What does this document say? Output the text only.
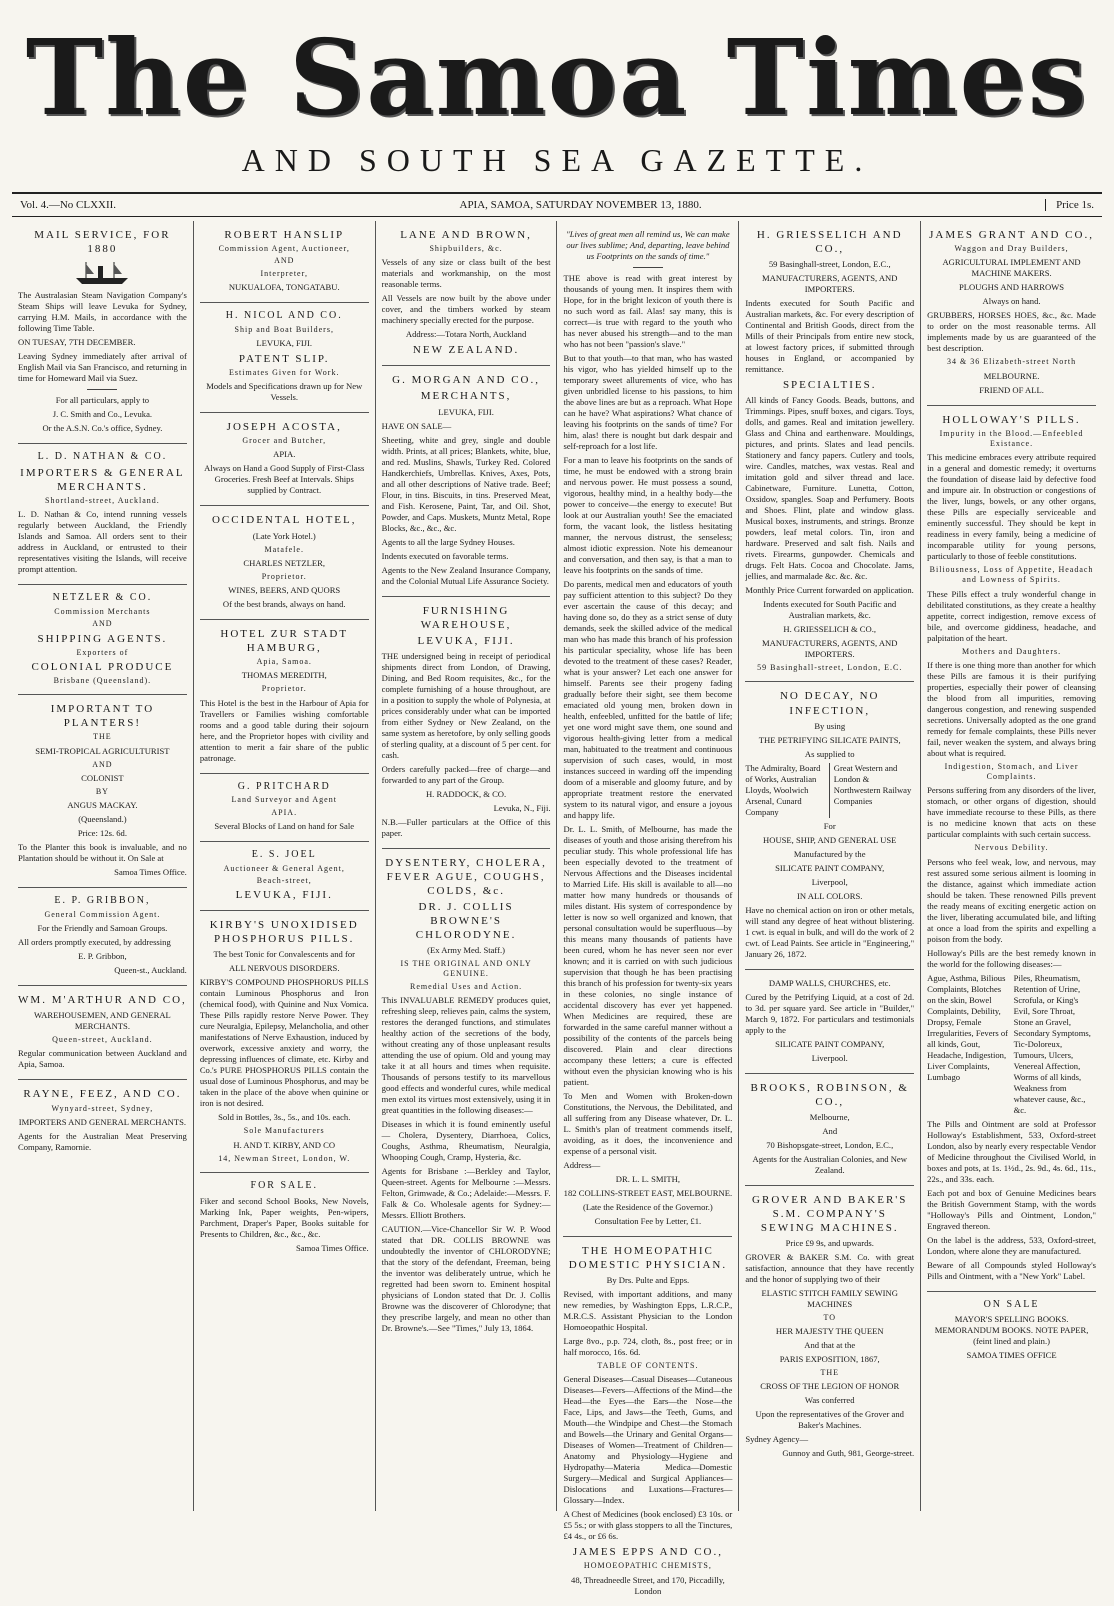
The Samoa Times
AND SOUTH SEA GAZETTE.
Vol. 4.—No CLXXII.	APIA, SAMOA, SATURDAY NOVEMBER 13, 1880.	Price 1s.
MAIL SERVICE, FOR 1880
The Australasian Steam Navigation Company's Steam Ships will leave Levuka for Sydney, carrying H.M. Mails, in accordance with the following Time Table.
ON TUESAY, 7TH DECEMBER.
Leaving Sydney immediately after arrival of English Mail via San Francisco, and returning in time for Homeward Mail via Suez.
For all particulars, apply to
J. C. Smith and Co., Levuka.
Or the A.S.N. Co.'s office, Sydney.
L. D. NATHAN & CO.
IMPORTERS & GENERAL MERCHANTS.
Shortland-street, Auckland.
L. D. Nathan & Co, intend running vessels regularly between Auckland, the Friendly Islands and Samoa. All orders sent to their address in Auckland, or entrusted to their representatives visiting the Islands, will receive prompt attention.
NETZLER & CO.
Commission Merchants
AND
SHIPPING AGENTS.
Exporters of
COLONIAL PRODUCE
Brisbane (Queensland).
IMPORTANT TO PLANTERS!
THE
SEMI-TROPICAL AGRICULTURIST
AND
COLONIST
BY
ANGUS MACKAY.
(Queensland.)
Price: 12s. 6d.
To the Planter this book is invaluable, and no Plantation should be without it. On Sale at
Samoa Times Office.
E. P. GRIBBON,
General Commission Agent.
For the Friendly and Samoan Groups.
All orders promptly executed, by addressing
E. P. Gribbon,
Queen-st., Auckland.
WM. M'ARTHUR AND CO,
WAREHOUSEMEN, AND GENERAL MERCHANTS.
Queen-street, Auckland.
Regular communication between Auckland and Apia, Samoa.
RAYNE, FEEZ, AND CO.
Wynyard-street, Sydney,
IMPORTERS AND GENERAL MERCHANTS.
Agents for the Australian Meat Preserving Company, Ramornie.
ROBERT HANSLIP
Commission Agent, Auctioneer,
AND
Interpreter,
NUKUALOFA, TONGATABU.
H. NICOL AND CO.
Ship and Boat Builders,
LEVUKA, FIJI.
PATENT SLIP.
Estimates Given for Work.
Models and Specifications drawn up for New Vessels.
JOSEPH ACOSTA,
Grocer and Butcher,
APIA.
Always on Hand a Good Supply of First-Class Groceries. Fresh Beef at Intervals. Ships supplied by Contract.
OCCIDENTAL HOTEL,
(Late York Hotel.)
Matafele.
CHARLES NETZLER,
Proprietor.
WINES, BEERS, AND QUORS
Of the best brands, always on hand.
HOTEL ZUR STADT HAMBURG,
Apia, Samoa.
THOMAS MEREDITH,
Proprietor.
This Hotel is the best in the Harbour of Apia for Travellers or Families wishing comfortable rooms and a good table during their sojourn here, and the Proprietor hopes with civility and attention to merit a fair share of the public patronage.
G. PRITCHARD
Land Surveyor and Agent
APIA.
Several Blocks of Land on hand for Sale
E. S. JOEL
Auctioneer & General Agent,
Beach-street,
LEVUKA, FIJI.
KIRBY'S UNOXIDISED PHOSPHORUS PILLS.
The best Tonic for Convalescents and for
ALL NERVOUS DISORDERS.
KIRBY'S COMPOUND PHOSPHORUS PILLS contain Luminous Phosphorus and Iron (chemical food), with Quinine and Nux Vomica. These Pills rapidly restore Nerve Power. They cure Neuralgia, Epilepsy, Melancholia, and other manifestations of Nerve Exhaustion, induced by overwork, excessive anxiety and worry, the depressing influences of climate, etc. Kirby and Co.'s PURE PHOSPHORUS PILLS contain the usual dose of Luminous Phosphorus, and may be taken in the place of the above when quinine or iron is not desired.
Sold in Bottles, 3s., 5s., and 10s. each.
Sole Manufacturers
H. AND T. KIRBY, AND CO
14, Newman Street, London, W.
FOR SALE.
Fiker and second School Books, New Novels, Marking Ink, Paper weights, Pen-wipers, Parchment, Draper's Paper, Books suitable for Presents to Children, &c., &c., &c.
Samoa Times Office.
LANE AND BROWN,
Shipbuilders, &c.
Vessels of any size or class built of the best materials and workmanship, on the most reasonable terms.
All Vessels are now built by the above under cover, and the timbers worked by steam machinery specially erected for the purpose.
Address:—Totara North, Auckland
NEW ZEALAND.
G. MORGAN AND CO.,
MERCHANTS,
LEVUKA, FIJI.
HAVE ON SALE—
Sheeting, white and grey, single and double width. Prints, at all prices; Blankets, white, blue, and red. Muslins, Shawls, Turkey Red. Colored Handkerchiefs, Umbrellas. Knives, Axes, Pots, and all other descriptions of Native trade. Beef; Flour, in tins. Biscuits, in tins. Preserved Meat, and Fish. Kerosene, Paint, Tar, and Oil. Shot, Powder, and Caps. Muskets, Muntz Metal, Rope Blocks, &c., &c., &c.
Agents to all the large Sydney Houses.
Indents executed on favorable terms.
Agents to the New Zealand Insurance Company, and the Colonial Mutual Life Assurance Society.
FURNISHING WAREHOUSE,
LEVUKA, FIJI.
THE undersigned being in receipt of periodical shipments direct from London, of Drawing, Dining, and Bed Room requisites, &c., for the complete furnishing of a house throughout, are in a position to supply the whole of Polynesia, at prices considerably under what can be imported from either Sydney or New Zealand, on the same system as heretofore, by only selling goods of sterling quality, at a discount of 5 per cent. for cash.
Orders carefully packed—free of charge—and forwarded to any part of the Group.
H. RADDOCK, & CO.
Levuka, N., Fiji.
N.B.—Fuller particulars at the Office of this paper.
DYSENTERY, CHOLERA, FEVER AGUE, COUGHS, COLDS, &c.
DR. J. COLLIS BROWNE'S CHLORODYNE.
(Ex Army Med. Staff.)
IS THE ORIGINAL AND ONLY GENUINE.
Remedial Uses and Action.
This INVALUABLE REMEDY produces quiet, refreshing sleep, relieves pain, calms the system, restores the deranged functions, and stimulates healthy action of the secretions of the body, without creating any of those unpleasant results attending the use of opium. Old and young may take it at all hours and times when requisite. Thousands of persons testify to its marvellous good effects and wonderful cures, while medical men extol its virtues most extensively, using it in great quantities in the following diseases:—
Diseases in which it is found eminently useful — Cholera, Dysentery, Diarrhoea, Colics, Coughs, Asthma, Rheumatism, Neuralgia, Whooping Cough, Cramp, Hysteria, &c.
Agents for Brisbane :—Berkley and Taylor, Queen-street. Agents for Melbourne :—Messrs. Felton, Grimwade, & Co.; Adelaide:—Messrs. F. Falk & Co. Wholesale agents for Sydney:—Messrs. Elliott Brothers.
CAUTION.—Vice-Chancellor Sir W. P. Wood stated that DR. COLLIS BROWNE was undoubtedly the inventor of CHLORODYNE; that the story of the defendant, Freeman, being the inventor was deliberately untrue, which he regretted had been sworn to. Eminent hospital physicians of London stated that Dr. J. Collis Browne was the discoverer of Chlorodyne; that they prescribe largely, and mean no other than Dr. Browne's.—See "Times," July 13, 1864.
"Lives of great men all remind us, We can make our lives sublime; And, departing, leave behind us Footprints on the sands of time."
THE above is read with great interest by thousands of young men. It inspires them with Hope, for in the bright lexicon of youth there is no such word as fail. Alas! say many, this is correct—is true with regard to the youth who has never abused his strength—and to the man who has not been "passion's slave."
But to that youth—to that man, who has wasted his vigor, who has yielded himself up to the temporary sweet allurements of vice, who has given unbridled license to his passions, to him the above lines are but as a reproach. What Hope can he have? What aspirations? What chance of leaving his footprints on the sands of time? For him, alas! there is nought but dark despair and self-reproach for a lost life.
For a man to leave his footprints on the sands of time, he must be endowed with a strong brain and nervous power. He must possess a sound, vigorous, healthy mind, in a healthy body—the power to conceive—the energy to execute! But look at our Australian youth! See the emaciated form, the vacant look, the listless hesitating manner, the nervous distrust, the senseless; almost idiotic expression. Note his demeanour and conversation, and then say, is that a man to leave his footprints on the sands of time.
Do parents, medical men and educators of youth pay sufficient attention to this subject? Do they ever ascertain the cause of this decay; and having done so, do they as a strict sense of duty demands, seek the skilled advice of the medical man who has made this branch of his profession his particular speciality, whose life has been devoted to the treatment of these cases? Reader, what is your answer? Let each one answer for himself. Parents see their progeny fading gradually before their sight, see them become emaciated old young men, broken down in health, enfeebled, unfitted for the battle of life; yet one word might save them, one sound and vigorous health-giving letter from a medical man, habituated to the treatment and continuous supervision of such cases, would, in most instances succeed in warding off the impending doom of a miserable and gloomy future, and by appropriate treatment restore the enervated system to its natural vigor, and ensure a joyous and happy life.
Dr. L. L. Smith, of Melbourne, has made the diseases of youth and those arising therefrom his peculiar study. This whole professional life has been especially devoted to the treatment of Nervous Affections and the Diseases incidental to Married Life. His skill is available to all—no matter how many hundreds or thousands of miles distant. His system of correspondence by letter is now so well organized and known, that personal consultation would be superfluous—by this means many thousands of patients have been cured, whom he has never seen nor ever known; and it is carried on with such judicious supervision that though he has been practising this branch of his profession for twenty-six years in these colonies, no single instance of accidental discovery has ever yet happened. When Medicines are required, these are forwarded in the same careful manner without a possibility of the contents of the parcels being discovered. Plain and clear directions accompany these letters; a cure is effected without even the physician knowing who is his patient.
To Men and Women with Broken-down Constitutions, the Nervous, the Debilitated, and all suffering from any Disease whatever, Dr. L. L. Smith's plan of treatment commends itself, avoiding, as it does, the inconvenience and expense of a personal visit.
Address—
DR. L. L. SMITH,
182 COLLINS-STREET EAST, MELBOURNE.
(Late the Residence of the Governor.)
Consultation Fee by Letter, £1.
THE HOMEOPATHIC DOMESTIC PHYSICIAN.
By Drs. Pulte and Epps.
Revised, with important additions, and many new remedies, by Washington Epps, L.R.C.P., M.R.C.S. Assistant Physician to the London Homoeopathic Hospital.
Large 8vo., p.p. 724, cloth, 8s., post free; or in half morocco, 16s. 6d.
TABLE OF CONTENTS.
General Diseases—Casual Diseases—Cutaneous Diseases—Fevers—Affections of the Mind—the Head—the Eyes—the Ears—the Nose—the Face, Lips, and Jaws—the Teeth, Gums, and Mouth—the Windpipe and Chest—the Stomach and Bowels—the Urinary and Genital Organs—Diseases of Women—Treatment of Children—Anatomy and Physiology—Hygiene and Hydropathy—Materia Medica—Domestic Surgery—Medical and Surgical Appliances—Dislocations and Luxations—Fractures—Glossary—Index.
A Chest of Medicines (book enclosed) £3 10s. or £5 5s.; or with glass stoppers to all the Tinctures, £4 4s., or £6 6s.
JAMES EPPS AND CO.,
HOMOEOPATHIC CHEMISTS,
48, Threadneedle Street, and 170, Piccadilly, London
H. GRIESSELICH AND CO.,
59 Basinghall-street, London, E.C.,
MANUFACTURERS, AGENTS, AND IMPORTERS.
Indents executed for South Pacific and Australian markets, &c. For every description of Continental and British Goods, direct from the Mills of their Principals from entire new stock, at lowest factory prices, if submitted through houses in England, or accompanied by remittance.
SPECIALTIES.
All kinds of Fancy Goods. Beads, buttons, and Trimmings. Pipes, snuff boxes, and cigars. Toys, dolls, and games. Real and imitation jewellery. Glass and China and earthenware. Mouldings, pictures, and prints. Slates and lead pencils. Stationery and fancy papers. Cutlery and tools, wire. Candles, matches, wax vestas. Real and imitation gold and silver thread and lace. Cabinetware, Furniture. Lunetta, Cotton, Oxsidow, spangles. Soap and Perfumery. Boots and Shoes. Flint, plate and window glass. Musical boxes, instruments, and strings. Bronze powders, leaf metal colors. Tin, iron and hardware. Preserved and salt fish. Nails and rivets. Firearms, gunpowder. Chemicals and drugs. Felt Hats. Cocoa and Chocolate. Jams, jellies, and marmalade &c. &c. &c.
Monthly Price Current forwarded on application.
Indents executed for South Pacific and Australian markets, &c.
H. GRIESSELICH & CO.,
MANUFACTURERS, AGENTS, AND IMPORTERS.
59 Basinghall-street, London, E.C.
NO DECAY, NO INFECTION,
By using
THE PETRIFYING SILICATE PAINTS,
As supplied to
The Admiralty, Board of Works, Australian Lloyds, Woolwich Arsenal, Cunard Company
Great Western and London & Northwestern Railway Companies
For
HOUSE, SHIP, AND GENERAL USE
Manufactured by the
SILICATE PAINT COMPANY,
Liverpool,
IN ALL COLORS.
Have no chemical action on iron or other metals, will stand any degree of heat without blistering. 1 cwt. is equal in bulk, and will do the work of 2 cwt. of Lead Paints. See article in "Engineering," January 26, 1872.
DAMP WALLS, CHURCHES, etc.
Cured by the Petrifying Liquid, at a cost of 2d. to 3d. per square yard. See article in "Builder," March 9, 1872. For particulars and testimonials apply to the
SILICATE PAINT COMPANY,
Liverpool.
BROOKS, ROBINSON, & CO.,
Melbourne,
And
70 Bishopsgate-street, London, E.C.,
Agents for the Australian Colonies, and New Zealand.
GROVER AND BAKER'S S.M. COMPANY'S SEWING MACHINES.
Price £9 9s, and upwards.
GROVER & BAKER S.M. Co. with great satisfaction, announce that they have recently and the honor of supplying two of their
ELASTIC STITCH FAMILY SEWING MACHINES
TO
HER MAJESTY THE QUEEN
And that at the
PARIS EXPOSITION, 1867,
THE
CROSS OF THE LEGION OF HONOR
Was conferred
Upon the representatives of the Grover and Baker's Machines.
Sydney Agency—
Gunnoy and Guth, 981, George-street.
JAMES GRANT AND CO.,
Waggon and Dray Builders,
AGRICULTURAL IMPLEMENT AND MACHINE MAKERS.
PLOUGHS AND HARROWS
Always on hand.
GRUBBERS, HORSES HOES, &c., &c. Made to order on the most reasonable terms. All implements made by us are guaranteed of the best description.
34 & 36 Elizabeth-street North
MELBOURNE.
FRIEND OF ALL.
HOLLOWAY'S PILLS.
Impurity in the Blood.—Enfeebled Existance.
This medicine embraces every attribute required in a general and domestic remedy; it overturns the foundation of disease laid by defective food and impure air. In obstruction or congestions of the liver, lungs, bowels, or any other organs, these Pills are especially serviceable and eminently successful. They should be kept in readiness in every family, being a medicine of incomparable utility for young persons, particularly to those of feeble constitutions.
Biliousness, Loss of Appetite, Headach and Lowness of Spirits.
These Pills effect a truly wonderful change in debilitated constitutions, as they create a healthy appetite, correct indigestion, remove excess of bile, and overcome giddiness, headache, and palpitation of the heart.
Mothers and Daughters.
If there is one thing more than another for which these Pills are famous it is their purifying properties, especially their power of cleansing the blood from all impurities, removing dangerous congestion, and renewing suspended secretions. Universally adopted as the one grand remedy for female complaints, these Pills never fail, never weaken the system, and always bring about what is required.
Indigestion, Stomach, and Liver Complaints.
Persons suffering from any disorders of the liver, stomach, or other organs of digestion, should have immediate recourse to these Pills, as there is no medicine known that acts on these particular complaints with such certain success.
Nervous Debility.
Persons who feel weak, low, and nervous, may rest assured some serious ailment is looming in the distance, against which immediate action should be taken. These renowned Pills prevent the ready means of exciting energetic action on the liver, liberating accumulated bile, and lifting at once a load from the spirits and expelling a poison from the body.
Holloway's Pills are the best remedy known in the world for the following diseases:—
Ague, Asthma, Bilious Complaints, Blotches on the skin, Bowel Complaints, Debility, Dropsy, Female Irregularities, Fevers of all kinds, Gout, Headache, Indigestion, Liver Complaints, Lumbago
Piles, Rheumatism, Retention of Urine, Scrofula, or King's Evil, Sore Throat, Stone an Gravel, Secondary Symptoms, Tic-Doloreux, Tumours, Ulcers, Venereal Affection, Worms of all kinds, Weakness from whatever cause, &c., &c.
The Pills and Ointment are sold at Professor Holloway's Establishment, 533, Oxford-street London, also by nearly every respectable Vendor of Medicine throughout the Civilised World, in boxes and pots, at 1s. 1½d., 2s. 9d., 4s. 6d., 11s., 22s., and 33s. each.
Each pot and box of Genuine Medicines bears the British Government Stamp, with the words "Holloway's Pills and Ointment, London," Engraved thereon.
On the label is the address, 533, Oxford-street, London, where alone they are manufactured.
Beware of all Compounds styled Holloway's Pills and Ointment, with a "New York" Label.
ON SALE
MAYOR'S SPELLING BOOKS. MEMORANDUM BOOKS. NOTE PAPER, (feint lined and plain.)
SAMOA TIMES OFFICE
